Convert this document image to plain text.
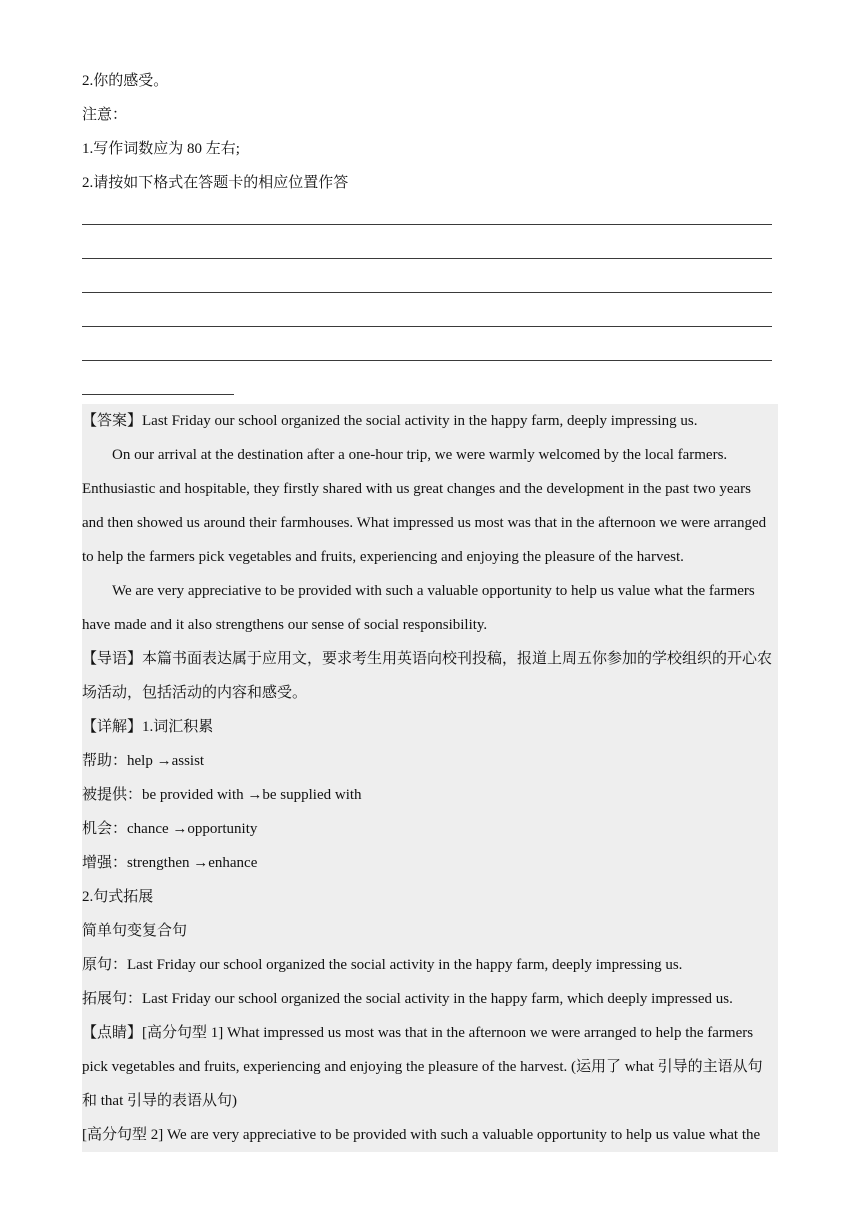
2.你的感受。
注意：
1.写作词数应为 80 左右;
2.请按如下格式在答题卡的相应位置作答
【答案】Last Friday our school organized the social activity in the happy farm, deeply impressing us.
On our arrival at the destination after a one-hour trip, we were warmly welcomed by the local farmers.
Enthusiastic and hospitable, they firstly shared with us great changes and the development in the past two years
and then showed us around their farmhouses. What impressed us most was that in the afternoon we were arranged
to help the farmers pick vegetables and fruits, experiencing and enjoying the pleasure of the harvest.
We are very appreciative to be provided with such a valuable opportunity to help us value what the farmers
have made and it also strengthens our sense of social responsibility.
【导语】本篇书面表达属于应用文，要求考生用英语向校刊投稿，报道上周五你参加的学校组织的开心农
场活动，包括活动的内容和感受。
【详解】1.词汇积累
帮助：help →assist
被提供：be provided with →be supplied with
机会：chance →opportunity
增强：strengthen →enhance
2.句式拓展
简单句变复合句
原句：Last Friday our school organized the social activity in the happy farm, deeply impressing us.
拓展句：Last Friday our school organized the social activity in the happy farm, which deeply impressed us.
【点睛】[高分句型 1] What impressed us most was that in the afternoon we were arranged to help the farmers
pick vegetables and fruits, experiencing and enjoying the pleasure of the harvest. (运用了 what 引导的主语从句
和 that 引导的表语从句)
[高分句型 2] We are very appreciative to be provided with such a valuable opportunity to help us value what the
